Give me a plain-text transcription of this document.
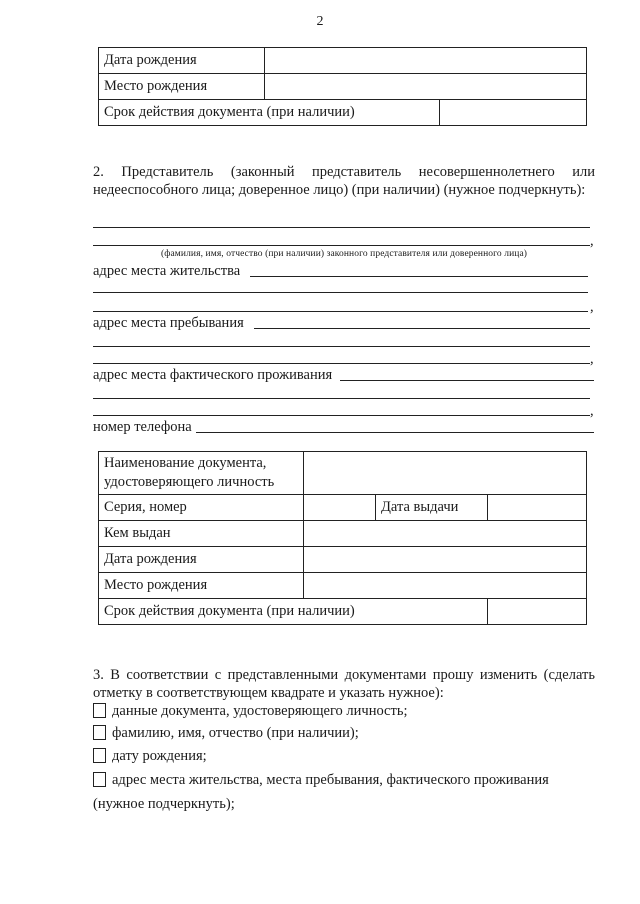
2
Дата рождения		
Место рождения		
Срок действия документа (при наличии)		
2. Представитель (законный представитель несовершеннолетнего или недееспособного лица; доверенное лицо) (при наличии) (нужное подчеркнуть):
,
(фамилия, имя, отчество (при наличии) законного представителя или доверенного лица)
адрес места жительства
,
адрес места пребывания
,
адрес места фактического проживания
,
номер телефона
Наименование документа, удостоверяющего личность			
Серия, номер		Дата выдачи	
Кем выдан			
Дата рождения			
Место рождения			
Срок действия документа (при наличии)			
3. В соответствии с представленными документами прошу изменить (сделать отметку в соответствующем квадрате и указать нужное):
данные документа, удостоверяющего личность;
фамилию, имя, отчество (при наличии);
дату рождения;
адрес места жительства, места пребывания, фактического проживания
(нужное подчеркнуть);
